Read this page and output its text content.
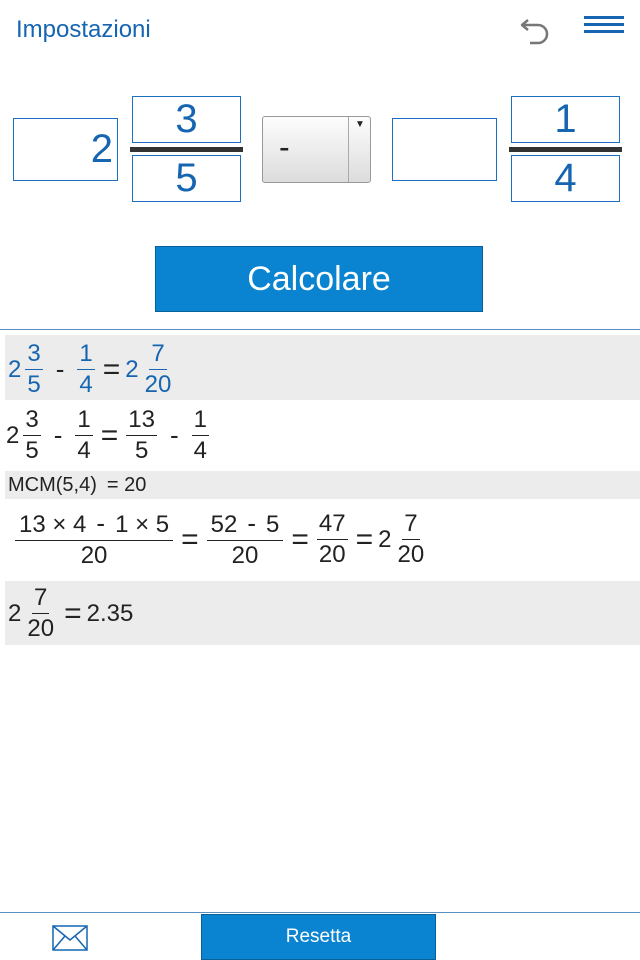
Impostazioni
2
3
5
-
▼	1
4
Calcolare
$2 \frac{3}{5} - \frac{1}{4} = 2 \frac{7}{20}$
$2 \frac{3}{5} - \frac{1}{4} = \frac{13}{5} - \frac{1}{4}$
MCM(5,4) = 20
$\frac{13 \times 4 - 1 \times 5}{20} = \frac{52 - 5}{20} = \frac{47}{20} = 2 \frac{7}{20}$
$2 \frac{7}{20} = 2.35$
Resetta
